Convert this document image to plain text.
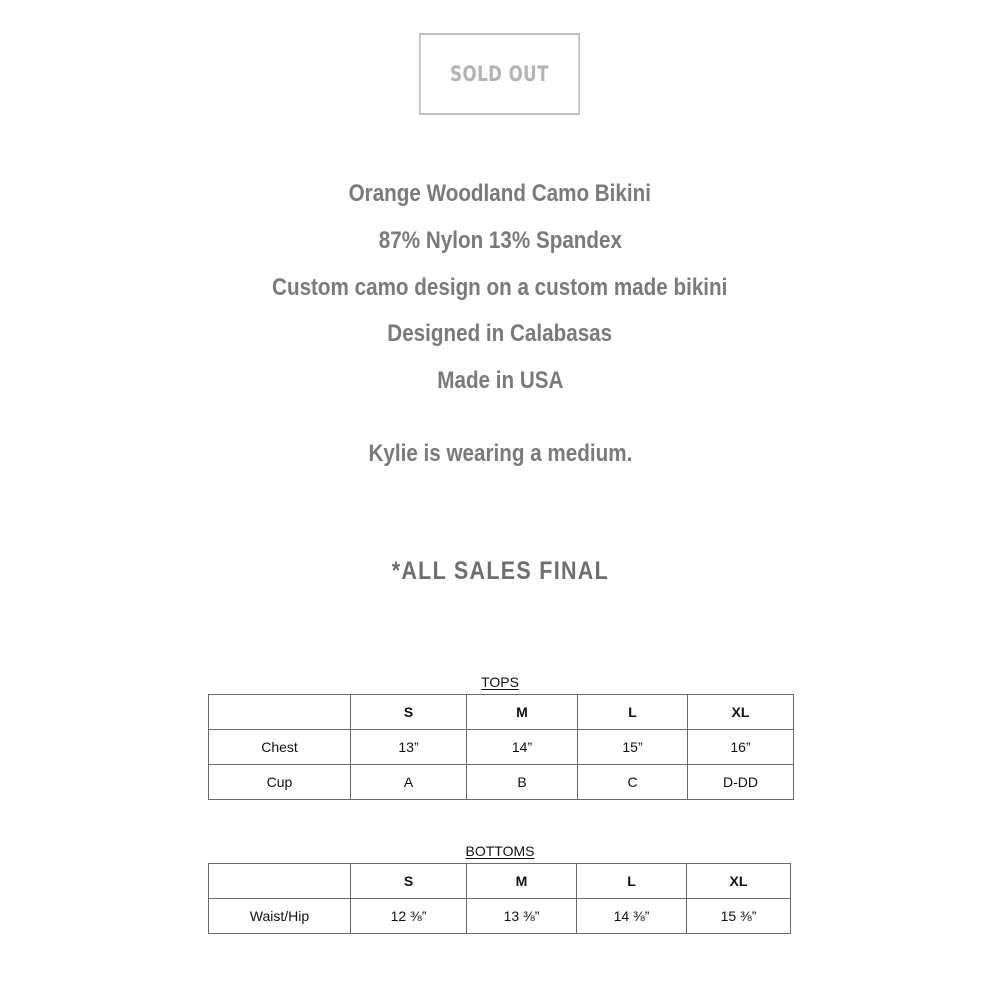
SOLD OUT
Orange Woodland Camo Bikini
87% Nylon 13% Spandex
Custom camo design on a custom made bikini
Designed in Calabasas
Made in USA
Kylie is wearing a medium.
*ALL SALES FINAL
TOPS
	S	M	L	XL
Chest	13”	14”	15”	16”
Cup	A	B	C	D-DD
BOTTOMS
	S	M	L	XL
Waist/Hip	12 ⅜”	13 ⅜”	14 ⅜”	15 ⅜”
